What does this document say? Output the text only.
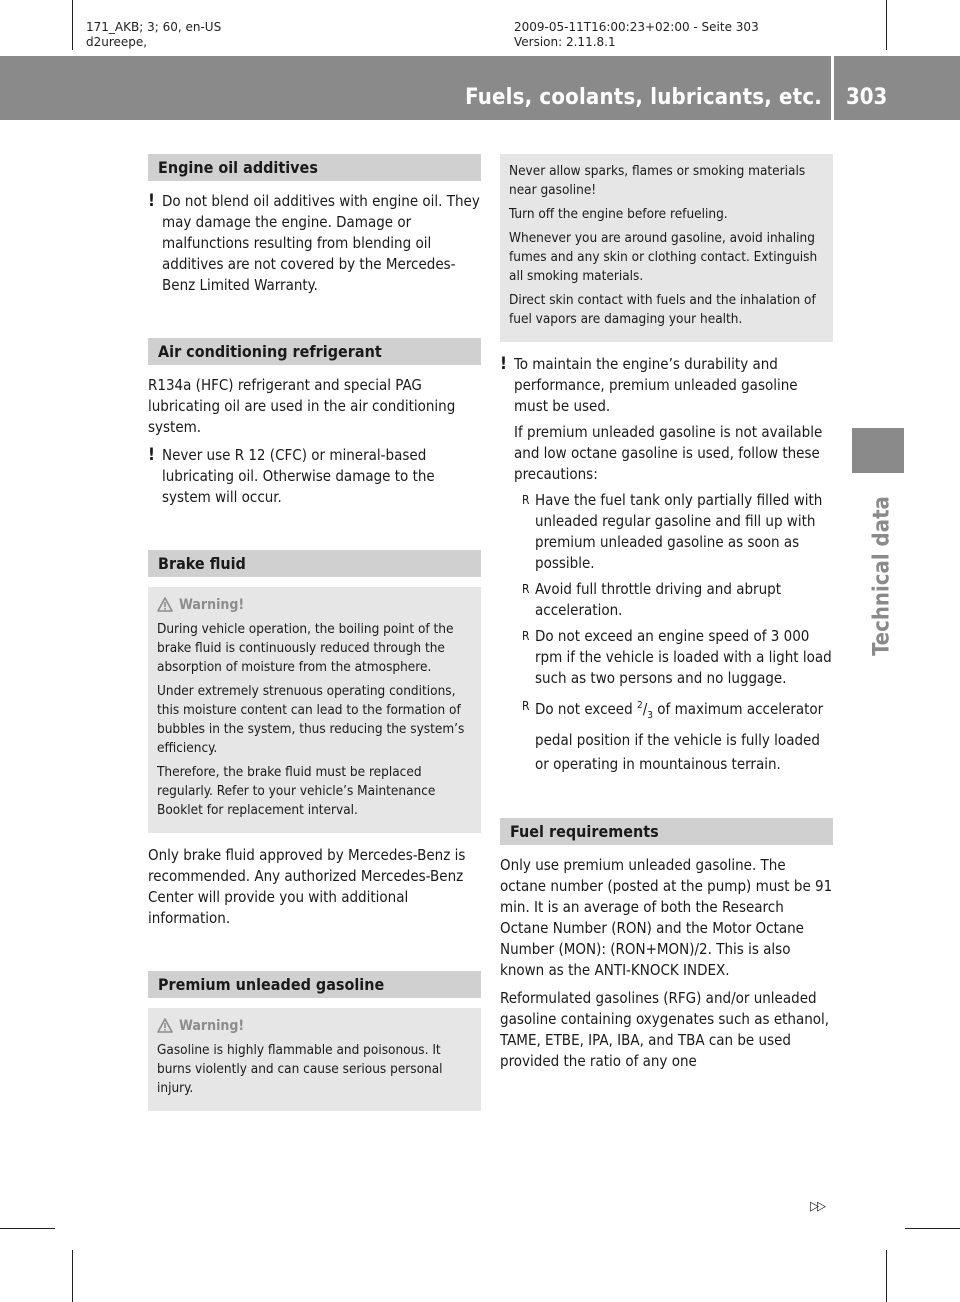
171_AKB; 3; 60, en-US
d2ureepe,
2009-05-11T16:00:23+02:00 - Seite 303
Version: 2.11.8.1
Fuels, coolants, lubricants, etc. 303
Technical data
Engine oil additives
! Do not blend oil additives with engine oil. They may damage the engine. Damage or malfunctions resulting from blending oil additives are not covered by the Mercedes-Benz Limited Warranty.
Air conditioning refrigerant
R134a (HFC) refrigerant and special PAG lubricating oil are used in the air conditioning system.
! Never use R 12 (CFC) or mineral-based lubricating oil. Otherwise damage to the system will occur.
Brake fluid
Warning!
During vehicle operation, the boiling point of the brake fluid is continuously reduced through the absorption of moisture from the atmosphere.
Under extremely strenuous operating conditions, this moisture content can lead to the formation of bubbles in the system, thus reducing the system’s efficiency.
Therefore, the brake fluid must be replaced regularly. Refer to your vehicle’s Maintenance Booklet for replacement interval.
Only brake fluid approved by Mercedes-Benz is recommended. Any authorized Mercedes-Benz Center will provide you with additional information.
Premium unleaded gasoline
Warning!
Gasoline is highly flammable and poisonous. It burns violently and can cause serious personal injury.
Never allow sparks, flames or smoking materials near gasoline!
Turn off the engine before refueling.
Whenever you are around gasoline, avoid inhaling fumes and any skin or clothing contact. Extinguish all smoking materials.
Direct skin contact with fuels and the inhalation of fuel vapors are damaging your health.
! To maintain the engine’s durability and performance, premium unleaded gasoline must be used.
If premium unleaded gasoline is not available and low octane gasoline is used, follow these precautions:
R Have the fuel tank only partially filled with unleaded regular gasoline and fill up with premium unleaded gasoline as soon as possible.
R Avoid full throttle driving and abrupt acceleration.
R Do not exceed an engine speed of 3 000 rpm if the vehicle is loaded with a light load such as two persons and no luggage.
R Do not exceed $^2/_3$ of maximum accelerator pedal position if the vehicle is fully loaded or operating in mountainous terrain.
Fuel requirements
Only use premium unleaded gasoline. The octane number (posted at the pump) must be 91 min. It is an average of both the Research Octane Number (RON) and the Motor Octane Number (MON): (RON+MON)/2. This is also known as the ANTI-KNOCK INDEX.
Reformulated gasolines (RFG) and/or unleaded gasoline containing oxygenates such as ethanol, TAME, ETBE, IPA, IBA, and TBA can be used provided the ratio of any one
▷▷
